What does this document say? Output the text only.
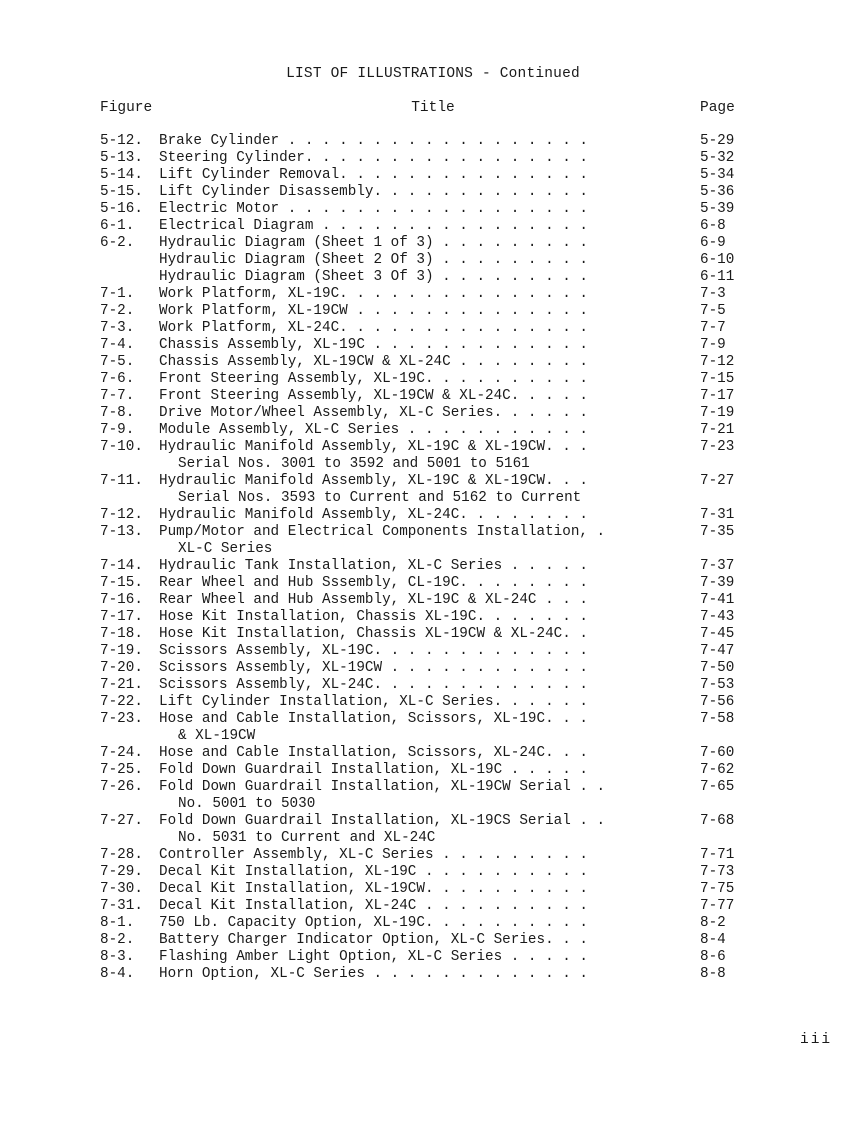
LIST OF ILLUSTRATIONS - Continued
Figure	Title	Page
5-12. Brake Cylinder . . . . . . . . . . . . . . . . . .	5-29
5-13. Steering Cylinder. . . . . . . . . . . . . . . . .	5-32
5-14. Lift Cylinder Removal. . . . . . . . . . . . . . .	5-34
5-15. Lift Cylinder Disassembly. . . . . . . . . . . . .	5-36
5-16. Electric Motor . . . . . . . . . . . . . . . . . .	5-39
6-1. Electrical Diagram . . . . . . . . . . . . . . . .	6-8
6-2. Hydraulic Diagram (Sheet 1 of 3) . . . . . . . . .	6-9
Hydraulic Diagram (Sheet 2 Of 3) . . . . . . . . .	6-10
Hydraulic Diagram (Sheet 3 Of 3) . . . . . . . . .	6-11
7-1. Work Platform, XL-19C. . . . . . . . . . . . . . .	7-3
7-2. Work Platform, XL-19CW . . . . . . . . . . . . . .	7-5
7-3. Work Platform, XL-24C. . . . . . . . . . . . . . .	7-7
7-4. Chassis Assembly, XL-19C . . . . . . . . . . . . .	7-9
7-5. Chassis Assembly, XL-19CW & XL-24C . . . . . . . .	7-12
7-6. Front Steering Assembly, XL-19C. . . . . . . . . .	7-15
7-7. Front Steering Assembly, XL-19CW & XL-24C. . . . .	7-17
7-8. Drive Motor/Wheel Assembly, XL-C Series. . . . . .	7-19
7-9. Module Assembly, XL-C Series . . . . . . . . . . .	7-21
7-10. Hydraulic Manifold Assembly, XL-19C & XL-19CW. . .	7-23
Serial Nos. 3001 to 3592 and 5001 to 5161
7-11. Hydraulic Manifold Assembly, XL-19C & XL-19CW. . .	7-27
Serial Nos. 3593 to Current and 5162 to Current
7-12. Hydraulic Manifold Assembly, XL-24C. . . . . . . .	7-31
7-13. Pump/Motor and Electrical Components Installation, .	7-35
XL-C Series
7-14. Hydraulic Tank Installation, XL-C Series . . . . .	7-37
7-15. Rear Wheel and Hub Sssembly, CL-19C. . . . . . . .	7-39
7-16. Rear Wheel and Hub Assembly, XL-19C & XL-24C . . .	7-41
7-17. Hose Kit Installation, Chassis XL-19C. . . . . . .	7-43
7-18. Hose Kit Installation, Chassis XL-19CW & XL-24C. .	7-45
7-19. Scissors Assembly, XL-19C. . . . . . . . . . . . .	7-47
7-20. Scissors Assembly, XL-19CW . . . . . . . . . . . .	7-50
7-21. Scissors Assembly, XL-24C. . . . . . . . . . . . .	7-53
7-22. Lift Cylinder Installation, XL-C Series. . . . . .	7-56
7-23. Hose and Cable Installation, Scissors, XL-19C. . .	7-58
& XL-19CW
7-24. Hose and Cable Installation, Scissors, XL-24C. . .	7-60
7-25. Fold Down Guardrail Installation, XL-19C . . . . .	7-62
7-26. Fold Down Guardrail Installation, XL-19CW Serial . .	7-65
No. 5001 to 5030
7-27. Fold Down Guardrail Installation, XL-19CS Serial . .	7-68
No. 5031 to Current and XL-24C
7-28. Controller Assembly, XL-C Series . . . . . . . . .	7-71
7-29. Decal Kit Installation, XL-19C . . . . . . . . . .	7-73
7-30. Decal Kit Installation, XL-19CW. . . . . . . . . .	7-75
7-31. Decal Kit Installation, XL-24C . . . . . . . . . .	7-77
8-1. 750 Lb. Capacity Option, XL-19C. . . . . . . . . .	8-2
8-2. Battery Charger Indicator Option, XL-C Series. . .	8-4
8-3. Flashing Amber Light Option, XL-C Series . . . . .	8-6
8-4. Horn Option, XL-C Series . . . . . . . . . . . . .	8-8
iii
